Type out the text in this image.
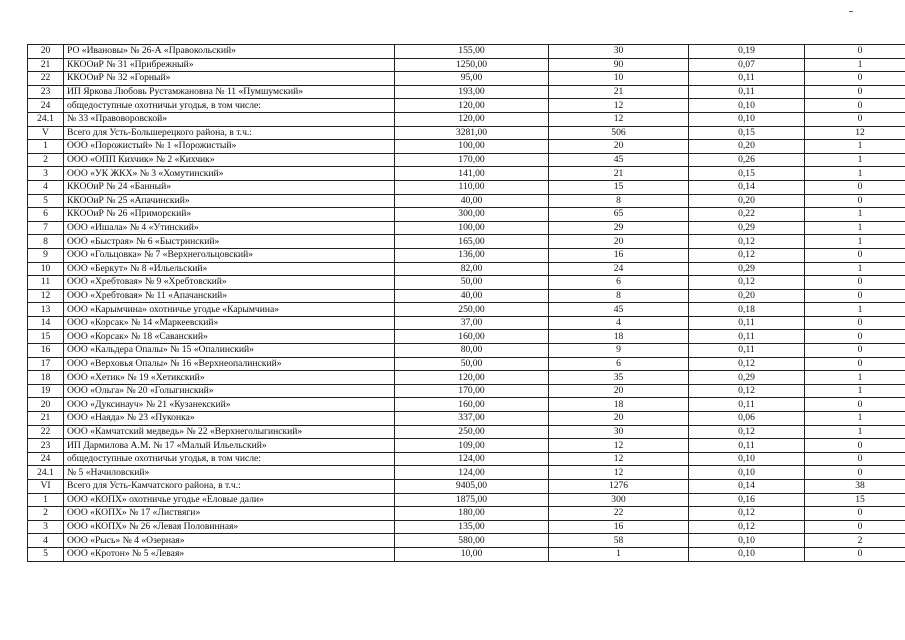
20	РО «Ивановы» № 26-А «Правокольский»	155,00	30	0,19	0
21	ККООиР № 31 «Прибрежный»	1250,00	90	0,07	1
22	ККООиР № 32 «Горный»	95,00	10	0,11	0
23	ИП Яркова Любовь Рустамжановна № 11 «Пумшумский»	193,00	21	0,11	0
24	общедоступные охотничьи угодья, в том числе:	120,00	12	0,10	0
24.1	№ 33 «Правоворовской»	120,00	12	0,10	0
V	Всего для Усть-Большерецкого района, в т.ч.:	3281,00	506	0,15	12
1	ООО «Порожистый» № 1 «Порожистый»	100,00	20	0,20	1
2	ООО «ОПП Кихчик» № 2 «Кихчик»	170,00	45	0,26	1
3	ООО «УК ЖКХ» № 3 «Хомутинский»	141,00	21	0,15	1
4	ККООиР № 24 «Банный»	110,00	15	0,14	0
5	ККООиР № 25 «Апачинский»	40,00	8	0,20	0
6	ККООиР № 26 «Приморский»	300,00	65	0,22	1
7	ООО «Ишала» № 4 «Утинский»	100,00	29	0,29	1
8	ООО «Быстрая» № 6 «Быстринский»	165,00	20	0,12	1
9	ООО «Гольцовка» № 7 «Верхнегольцовский»	136,00	16	0,12	0
10	ООО «Беркут» № 8 «Ильельский»	82,00	24	0,29	1
11	ООО «Хребтовая» № 9 «Хребтовский»	50,00	6	0,12	0
12	ООО «Хребтовая» № 11 «Апачанский»	40,00	8	0,20	0
13	ООО «Карымчина» охотничье угодье «Карымчина»	250,00	45	0,18	1
14	ООО «Корсак» № 14 «Маркеевский»	37,00	4	0,11	0
15	ООО «Корсак» № 18 «Саванский»	160,00	18	0,11	0
16	ООО «Кальдера Опалы» № 15 «Опалинский»	80,00	9	0,11	0
17	ООО «Верховья Опалы» № 16 «Верхнеопалинский»	50,00	6	0,12	0
18	ООО «Хетик» № 19 «Хетикский»	120,00	35	0,29	1
19	ООО «Ольга» № 20 «Голыгинский»	170,00	20	0,12	1
20	ООО «Дуксинауч» № 21 «Кузанекский»	160,00	18	0,11	0
21	ООО «Наяда» № 23 «Пуконка»	337,00	20	0,06	1
22	ООО «Камчатский медведь» № 22 «Верхнеголыгинский»	250,00	30	0,12	1
23	ИП Дармилова А.М. № 17 «Малый Ильельский»	109,00	12	0,11	0
24	общедоступные охотничьи угодья, в том числе:	124,00	12	0,10	0
24.1	№ 5 «Начиловский»	124,00	12	0,10	0
VI	Всего для Усть-Камчатского района, в т.ч.:	9405,00	1276	0,14	38
1	ООО «КОПХ» охотничье угодье «Еловые дали»	1875,00	300	0,16	15
2	ООО «КОПХ» № 17 «Листвяги»	180,00	22	0,12	0
3	ООО «КОПХ» № 26 «Левая Половинная»	135,00	16	0,12	0
4	ООО «Рысь» № 4 «Озерная»	580,00	58	0,10	2
5	ООО «Кротон» № 5 «Левая»	10,00	1	0,10	0
